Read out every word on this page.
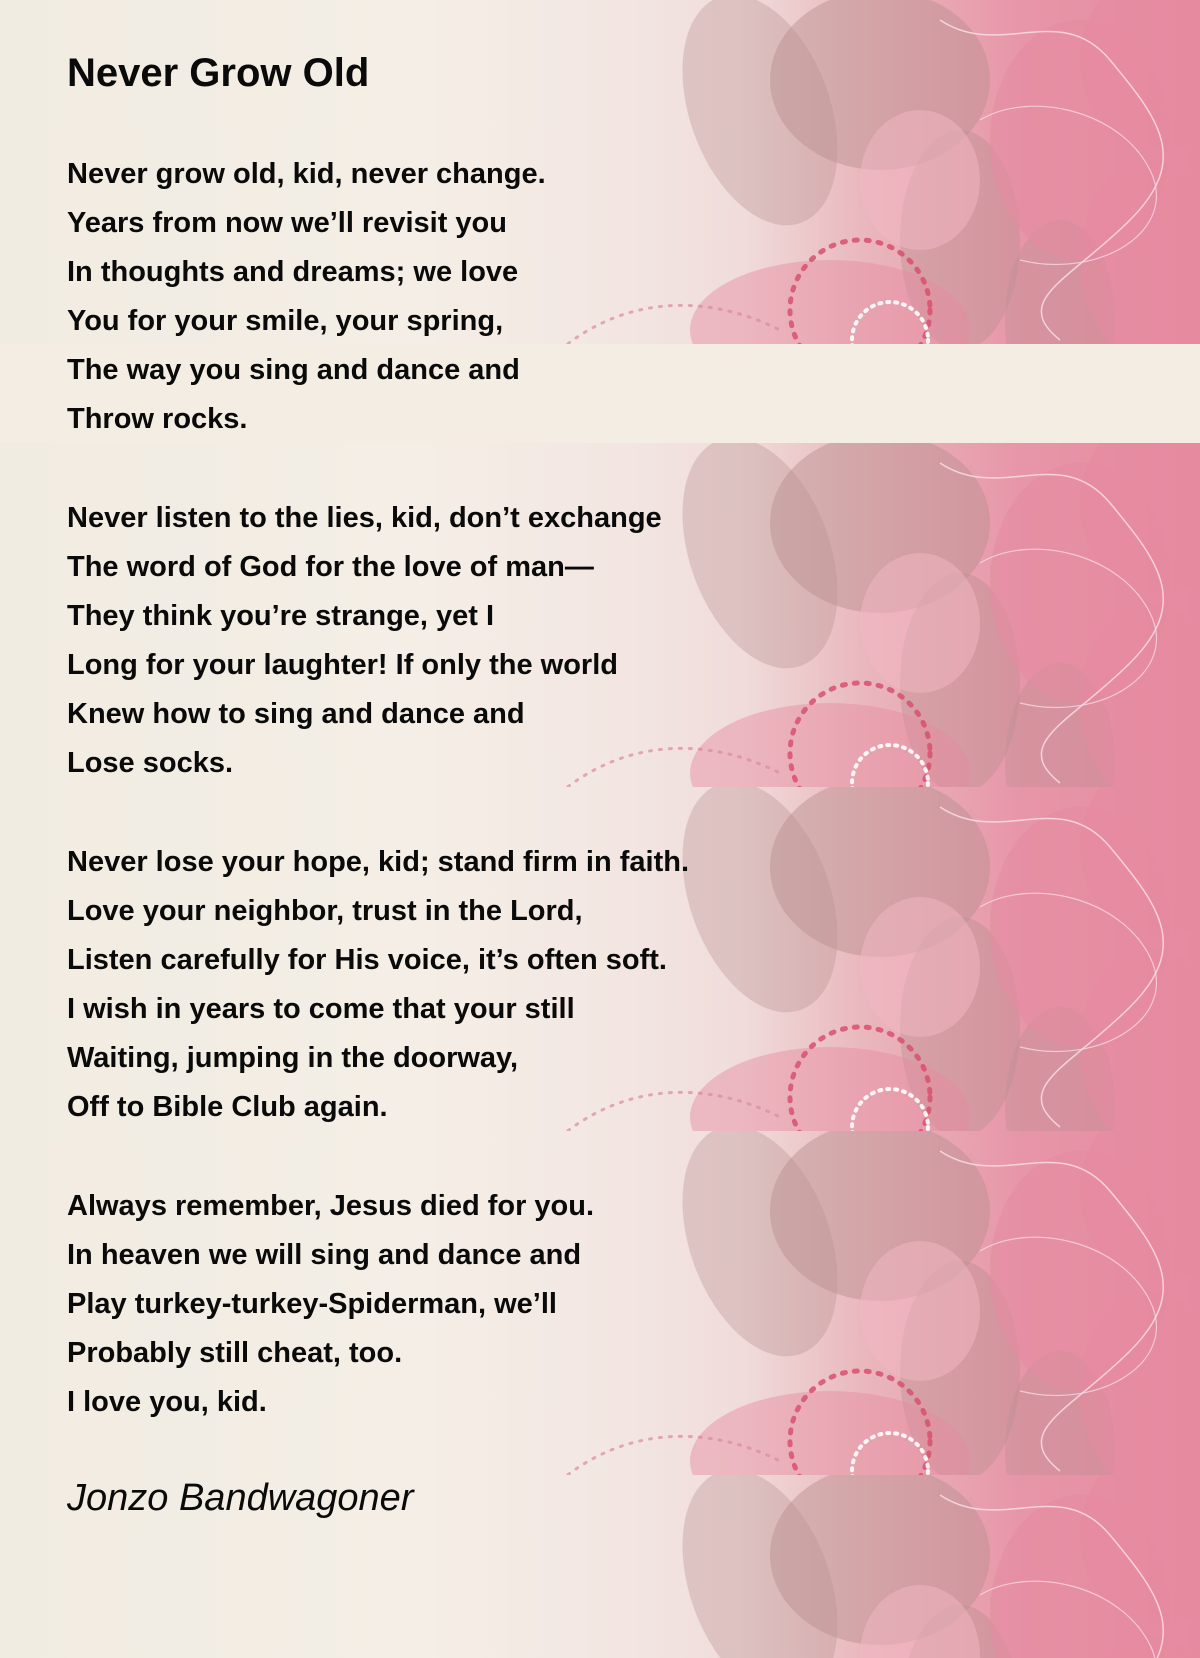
Never Grow Old
Never grow old, kid, never change.
Years from now we’ll revisit you
In thoughts and dreams; we love
You for your smile, your spring,
The way you sing and dance and
Throw rocks.
Never listen to the lies, kid, don’t exchange
The word of God for the love of man—
They think you’re strange, yet I
Long for your laughter! If only the world
Knew how to sing and dance and
Lose socks.
Never lose your hope, kid; stand firm in faith.
Love your neighbor, trust in the Lord,
Listen carefully for His voice, it’s often soft.
I wish in years to come that your still
Waiting, jumping in the doorway,
Off to Bible Club again.
Always remember, Jesus died for you.
In heaven we will sing and dance and
Play turkey-turkey-Spiderman, we’ll
Probably still cheat, too.
I love you, kid.
Jonzo Bandwagoner
